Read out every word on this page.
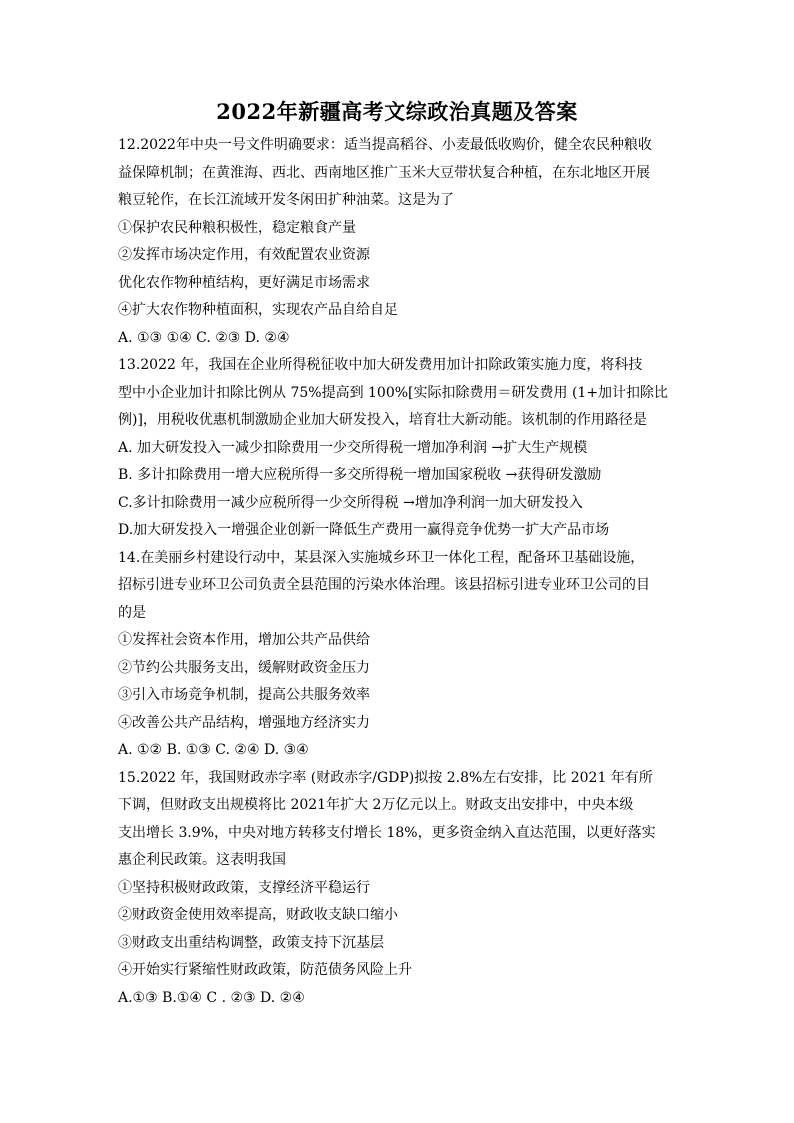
2022年新疆高考文综政治真题及答案
12.2022年中央一号文件明确要求：适当提高稻谷、小麦最低收购价，健全农民种粮收
益保障机制；在黄淮海、西北、西南地区推广玉米大豆带状复合种植，在东北地区开展
粮豆轮作，在长江流域开发冬闲田扩种油菜。这是为了
①保护农民种粮积极性，稳定粮食产量
②发挥市场决定作用，有效配置农业资源
优化农作物种植结构，更好满足市场需求
④扩大农作物种植面积，实现农产品自给自足
A. ①③ ①④ C. ②③ D. ②④
13.2022 年，我国在企业所得税征收中加大研发费用加计扣除政策实施力度，将科技
型中小企业加计扣除比例从 75%提高到 100%[实际扣除费用＝研发费用 (1+加计扣除比
例)]，用税收优惠机制激励企业加大研发投入，培育壮大新动能。该机制的作用路径是
A. 加大研发投入一减少扣除费用一少交所得税一增加净利润 →扩大生产规模
B. 多计扣除费用一增大应税所得一多交所得税一增加国家税收 →获得研发激励
C.多计扣除费用一减少应税所得一少交所得税 →增加净利润一加大研发投入
D.加大研发投入一增强企业创新一降低生产费用一赢得竞争优势一扩大产品市场
14.在美丽乡村建设行动中，某县深入实施城乡环卫一体化工程，配备环卫基础设施，
招标引进专业环卫公司负责全县范围的污染水体治理。该县招标引进专业环卫公司的目
的是
①发挥社会资本作用，增加公共产品供给
②节约公共服务支出，缓解财政资金压力
③引入市场竞争机制，提高公共服务效率
④改善公共产品结构，增强地方经济实力
A. ①② B. ①③ C. ②④ D. ③④
15.2022 年，我国财政赤字率 (财政赤字/GDP)拟按 2.8%左右安排，比 2021 年有所
下调，但财政支出规模将比 2021年扩大 2万亿元以上。财政支出安排中，中央本级
支出增长 3.9%，中央对地方转移支付增长 18%，更多资金纳入直达范围，以更好落实
惠企利民政策。这表明我国
①坚持积极财政政策，支撑经济平稳运行
②财政资金使用效率提高，财政收支缺口缩小
③财政支出重结构调整，政策支持下沉基层
④开始实行紧缩性财政政策，防范债务风险上升
A.①③ B.①④ C . ②③ D. ②④
